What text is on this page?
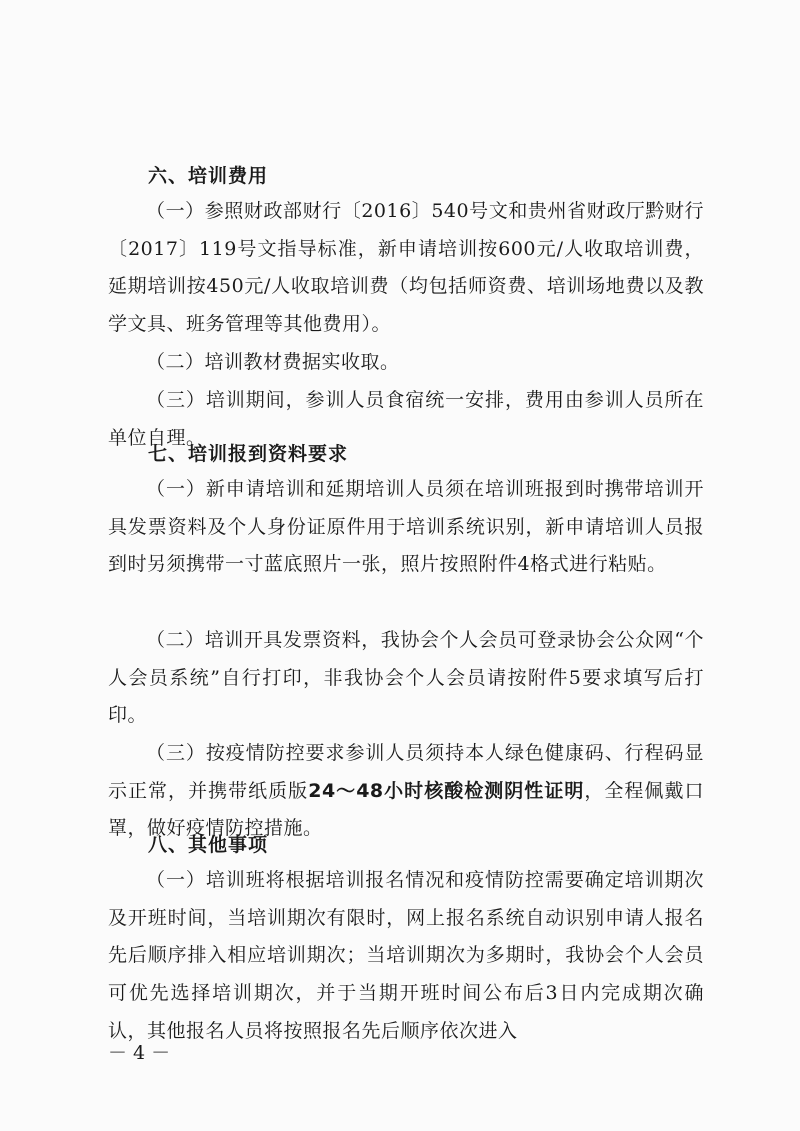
六、培训费用
（一）参照财政部财行〔2016〕540号文和贵州省财政厅黔财行〔2017〕119号文指导标准，新申请培训按600元/人收取培训费，延期培训按450元/人收取培训费（均包括师资费、培训场地费以及教学文具、班务管理等其他费用）。
（二）培训教材费据实收取。
（三）培训期间，参训人员食宿统一安排，费用由参训人员所在单位自理。
七、培训报到资料要求
（一）新申请培训和延期培训人员须在培训班报到时携带培训开具发票资料及个人身份证原件用于培训系统识别，新申请培训人员报到时另须携带一寸蓝底照片一张，照片按照附件4格式进行粘贴。
（二）培训开具发票资料，我协会个人会员可登录协会公众网“个人会员系统”自行打印，非我协会个人会员请按附件5要求填写后打印。
（三）按疫情防控要求参训人员须持本人绿色健康码、行程码显示正常，并携带纸质版24～48小时核酸检测阴性证明，全程佩戴口罩，做好疫情防控措施。
八、其他事项
（一）培训班将根据培训报名情况和疫情防控需要确定培训期次及开班时间，当培训期次有限时，网上报名系统自动识别申请人报名先后顺序排入相应培训期次；当培训期次为多期时，我协会个人会员可优先选择培训期次，并于当期开班时间公布后3日内完成期次确认，其他报名人员将按照报名先后顺序依次进入
－4－
